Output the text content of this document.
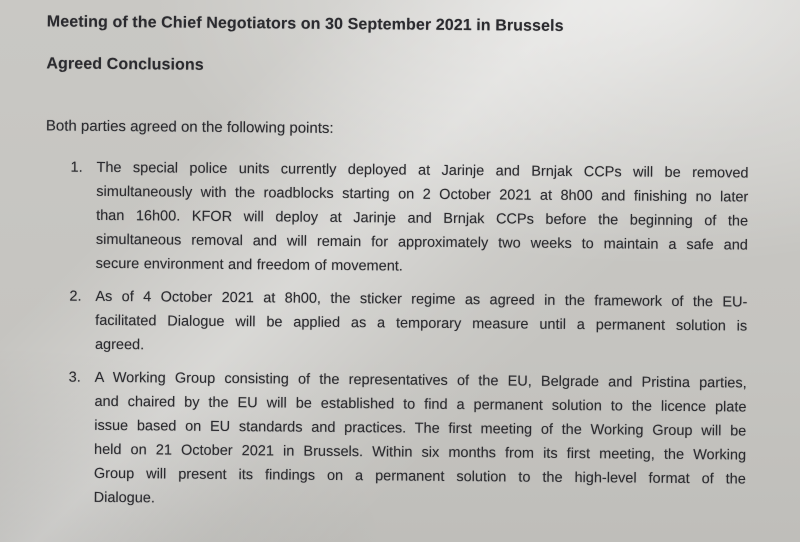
Meeting of the Chief Negotiators on 30 September 2021 in Brussels
Agreed Conclusions
Both parties agreed on the following points:
1. The special police units currently deployed at Jarinje and Brnjak CCPs will be removed
simultaneously with the roadblocks starting on 2 October 2021 at 8h00 and finishing no later
than 16h00. KFOR will deploy at Jarinje and Brnjak CCPs before the beginning of the
simultaneous removal and will remain for approximately two weeks to maintain a safe and
secure environment and freedom of movement.
2. As of 4 October 2021 at 8h00, the sticker regime as agreed in the framework of the EU-
facilitated Dialogue will be applied as a temporary measure until a permanent solution is
agreed.
3. A Working Group consisting of the representatives of the EU, Belgrade and Pristina parties,
and chaired by the EU will be established to find a permanent solution to the licence plate
issue based on EU standards and practices. The first meeting of the Working Group will be
held on 21 October 2021 in Brussels. Within six months from its first meeting, the Working
Group will present its findings on a permanent solution to the high-level format of the
Dialogue.
